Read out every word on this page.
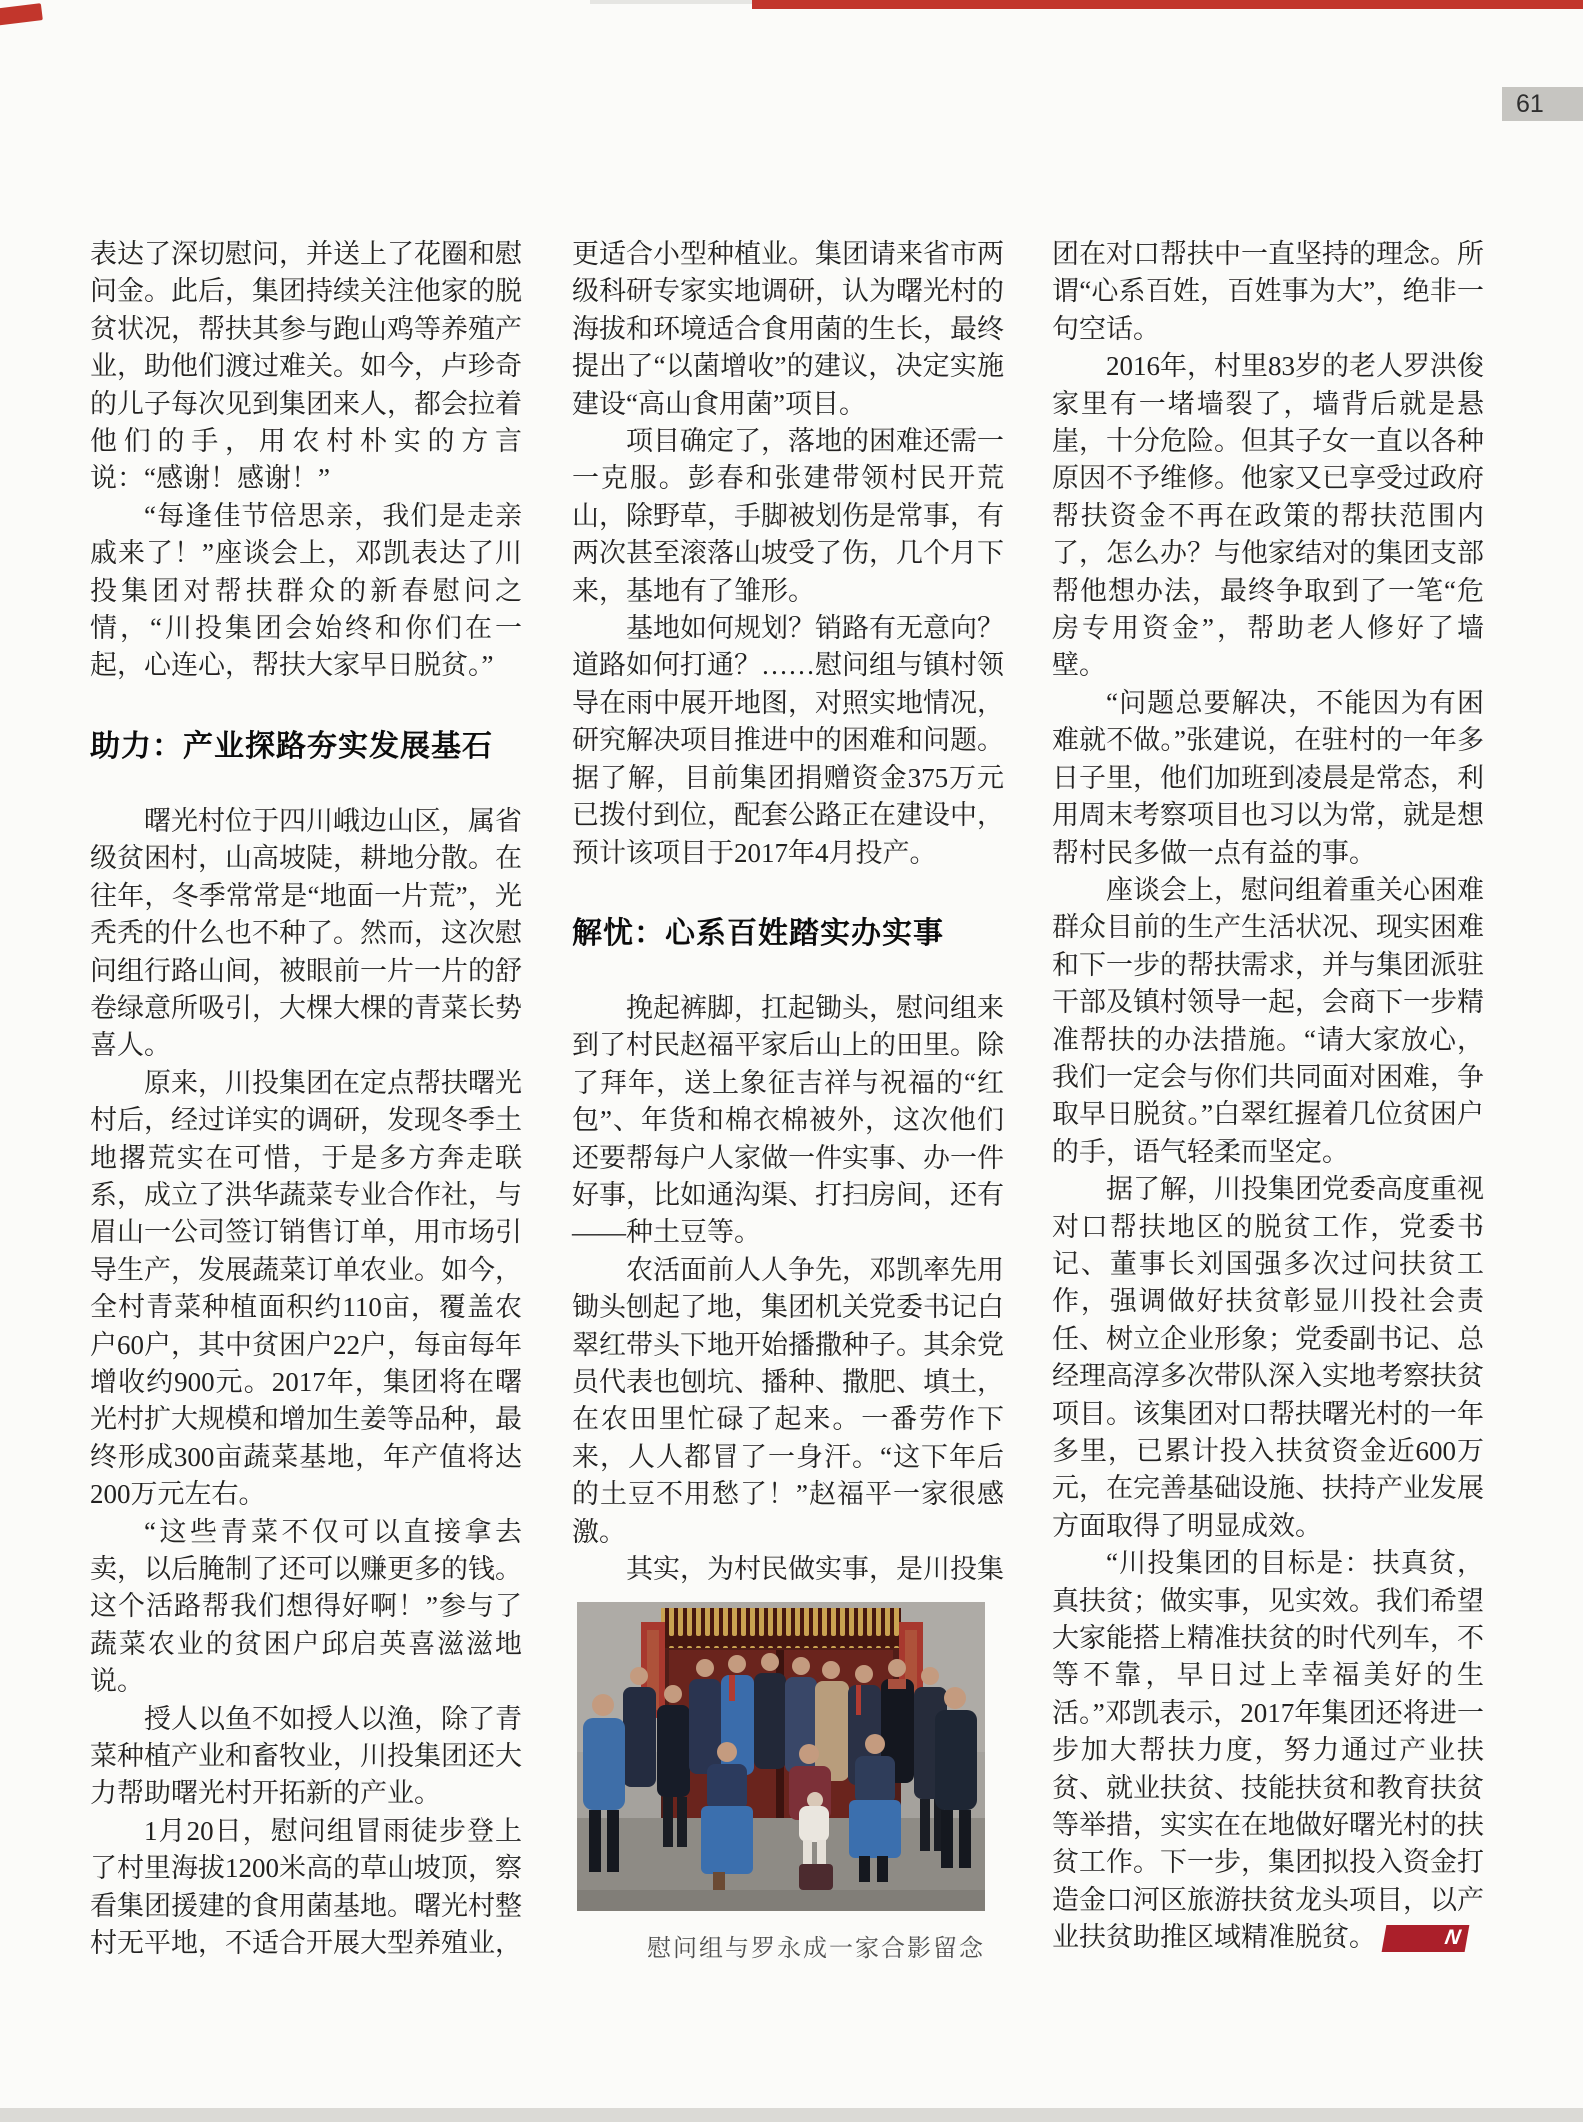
61

表达了深切慰问，并送上了花圈和慰问金。此后，集团持续关注他家的脱贫状况，帮扶其参与跑山鸡等养殖产业，助他们渡过难关。如今，卢珍奇的儿子每次见到集团来人，都会拉着他们的手，用农村朴实的方言说：“感谢！感谢！”

“每逢佳节倍思亲，我们是走亲戚来了！”座谈会上，邓凯表达了川投集团对帮扶群众的新春慰问之情，“川投集团会始终和你们在一起，心连心，帮扶大家早日脱贫。”

助力：产业探路夯实发展基石

曙光村位于四川峨边山区，属省级贫困村，山高坡陡，耕地分散。在往年，冬季常常是“地面一片荒”，光秃秃的什么也不种了。然而，这次慰问组行路山间，被眼前一片一片的舒卷绿意所吸引，大棵大棵的青菜长势喜人。

原来，川投集团在定点帮扶曙光村后，经过详实的调研，发现冬季土地撂荒实在可惜，于是多方奔走联系，成立了洪华蔬菜专业合作社，与眉山一公司签订销售订单，用市场引导生产，发展蔬菜订单农业。如今，全村青菜种植面积约110亩，覆盖农户60户，其中贫困户22户，每亩每年增收约900元。2017年，集团将在曙光村扩大规模和增加生姜等品种，最终形成300亩蔬菜基地，年产值将达200万元左右。

“这些青菜不仅可以直接拿去卖，以后腌制了还可以赚更多的钱。这个活路帮我们想得好啊！”参与了蔬菜农业的贫困户邱启英喜滋滋地说。

授人以鱼不如授人以渔，除了青菜种植产业和畜牧业，川投集团还大力帮助曙光村开拓新的产业。

1月20日，慰问组冒雨徒步登上了村里海拔1200米高的草山坡顶，察看集团援建的食用菌基地。曙光村整村无平地，不适合开展大型养殖业，

更适合小型种植业。集团请来省市两级科研专家实地调研，认为曙光村的海拔和环境适合食用菌的生长，最终提出了“以菌增收”的建议，决定实施建设“高山食用菌”项目。

项目确定了，落地的困难还需一一克服。彭春和张建带领村民开荒山，除野草，手脚被划伤是常事，有两次甚至滚落山坡受了伤，几个月下来，基地有了雏形。

基地如何规划？销路有无意向？道路如何打通？……慰问组与镇村领导在雨中展开地图，对照实地情况，研究解决项目推进中的困难和问题。据了解，目前集团捐赠资金375万元已拨付到位，配套公路正在建设中，预计该项目于2017年4月投产。

解忧：心系百姓踏实办实事

挽起裤脚，扛起锄头，慰问组来到了村民赵福平家后山上的田里。除了拜年，送上象征吉祥与祝福的“红包”、年货和棉衣棉被外，这次他们还要帮每户人家做一件实事、办一件好事，比如通沟渠、打扫房间，还有——种土豆等。

农活面前人人争先，邓凯率先用锄头刨起了地，集团机关党委书记白翠红带头下地开始播撒种子。其余党员代表也刨坑、播种、撒肥、填土，在农田里忙碌了起来。一番劳作下来，人人都冒了一身汗。“这下年后的土豆不用愁了！”赵福平一家很感激。

其实，为村民做实事，是川投集

慰问组与罗永成一家合影留念

团在对口帮扶中一直坚持的理念。所谓“心系百姓，百姓事为大”，绝非一句空话。

2016年，村里83岁的老人罗洪俊家里有一堵墙裂了，墙背后就是悬崖，十分危险。但其子女一直以各种原因不予维修。他家又已享受过政府帮扶资金不再在政策的帮扶范围内了，怎么办？与他家结对的集团支部帮他想办法，最终争取到了一笔“危房专用资金”，帮助老人修好了墙壁。

“问题总要解决，不能因为有困难就不做。”张建说，在驻村的一年多日子里，他们加班到凌晨是常态，利用周末考察项目也习以为常，就是想帮村民多做一点有益的事。

座谈会上，慰问组着重关心困难群众目前的生产生活状况、现实困难和下一步的帮扶需求，并与集团派驻干部及镇村领导一起，会商下一步精准帮扶的办法措施。“请大家放心，我们一定会与你们共同面对困难，争取早日脱贫。”白翠红握着几位贫困户的手，语气轻柔而坚定。

据了解，川投集团党委高度重视对口帮扶地区的脱贫工作，党委书记、董事长刘国强多次过问扶贫工作，强调做好扶贫彰显川投社会责任、树立企业形象；党委副书记、总经理高淳多次带队深入实地考察扶贫项目。该集团对口帮扶曙光村的一年多里，已累计投入扶贫资金近600万元，在完善基础设施、扶持产业发展方面取得了明显成效。

“川投集团的目标是：扶真贫，真扶贫；做实事，见实效。我们希望大家能搭上精准扶贫的时代列车，不等不靠，早日过上幸福美好的生活。”邓凯表示，2017年集团还将进一步加大帮扶力度，努力通过产业扶贫、就业扶贫、技能扶贫和教育扶贫等举措，实实在在地做好曙光村的扶贫工作。下一步，集团拟投入资金打造金口河区旅游扶贫龙头项目，以产业扶贫助推区域精准脱贫。	N
